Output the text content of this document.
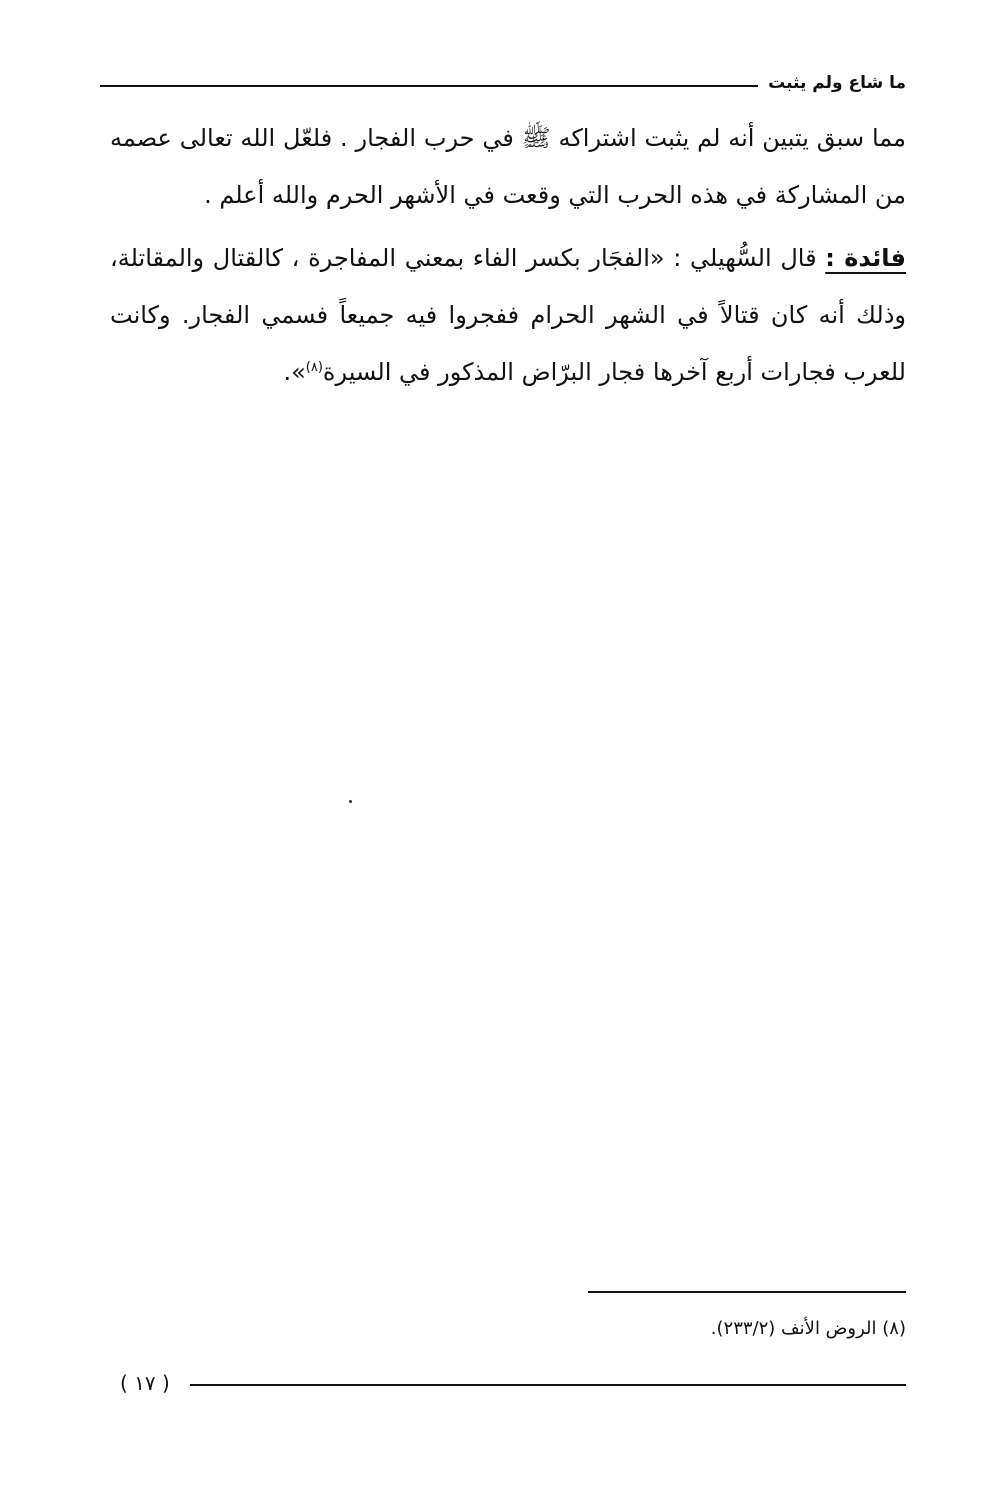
ما شاع ولم يثبت

مما سبق يتبين أنه لم يثبت اشتراكه ﷺ في حرب الفجار . فلعّل الله تعالى عصمه من المشاركة في هذه الحرب التي وقعت في الأشهر الحرم والله أعلم .

فائدة : قال السُّهيلي : «الفجَار بكسر الفاء بمعني المفاجرة ، كالقتال والمقاتلة، وذلك أنه كان قتالاً في الشهر الحرام ففجروا فيه جميعاً فسمي الفجار. وكانت للعرب فجارات أربع آخرها فجار البرّاض المذكور في السيرة$^{(٨)}$».

(٨) الروض الأنف (٢٣٣/٢).
( ١٧ )
